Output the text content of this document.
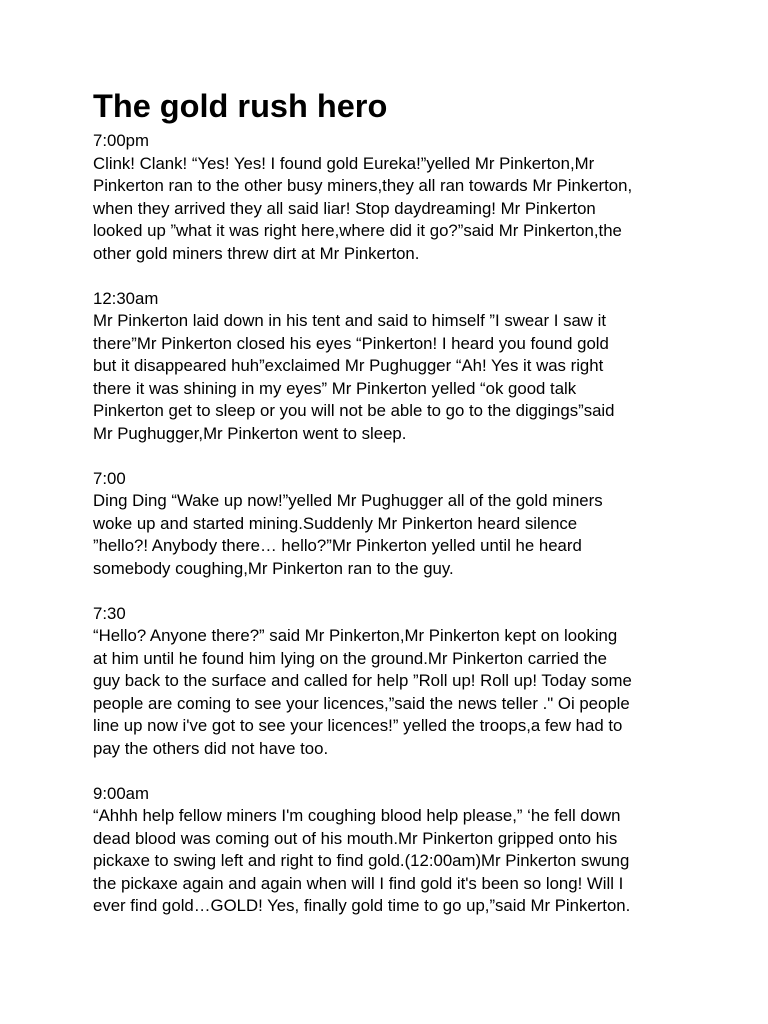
The gold rush hero
7:00pm
Clink! Clank! “Yes! Yes! I found gold Eureka!”yelled Mr Pinkerton,Mr
Pinkerton ran to the other busy miners,they all ran towards Mr Pinkerton,
when they arrived they all said liar! Stop daydreaming! Mr Pinkerton
looked up ”what it was right here,where did it go?”said Mr Pinkerton,the
other gold miners threw dirt at Mr Pinkerton.
12:30am
Mr Pinkerton laid down in his tent and said to himself ”I swear I saw it
there”Mr Pinkerton closed his eyes “Pinkerton! I heard you found gold
but it disappeared huh”exclaimed Mr Pughugger “Ah! Yes it was right
there it was shining in my eyes” Mr Pinkerton yelled “ok good talk
Pinkerton get to sleep or you will not be able to go to the diggings”said
Mr Pughugger,Mr Pinkerton went to sleep.
7:00
Ding Ding “Wake up now!”yelled Mr Pughugger all of the gold miners
woke up and started mining.Suddenly Mr Pinkerton heard silence
”hello?! Anybody there… hello?”Mr Pinkerton yelled until he heard
somebody coughing,Mr Pinkerton ran to the guy.
7:30
“Hello? Anyone there?” said Mr Pinkerton,Mr Pinkerton kept on looking
at him until he found him lying on the ground.Mr Pinkerton carried the
guy back to the surface and called for help ”Roll up! Roll up! Today some
people are coming to see your licences,”said the news teller ." Oi people
line up now i've got to see your licences!” yelled the troops,a few had to
pay the others did not have too.
9:00am
“Ahhh help fellow miners I'm coughing blood help please,” ‘he fell down
dead blood was coming out of his mouth.Mr Pinkerton gripped onto his
pickaxe to swing left and right to find gold.(12:00am)Mr Pinkerton swung
the pickaxe again and again when will I find gold it's been so long! Will I
ever find gold…GOLD! Yes, finally gold time to go up,”said Mr Pinkerton.
